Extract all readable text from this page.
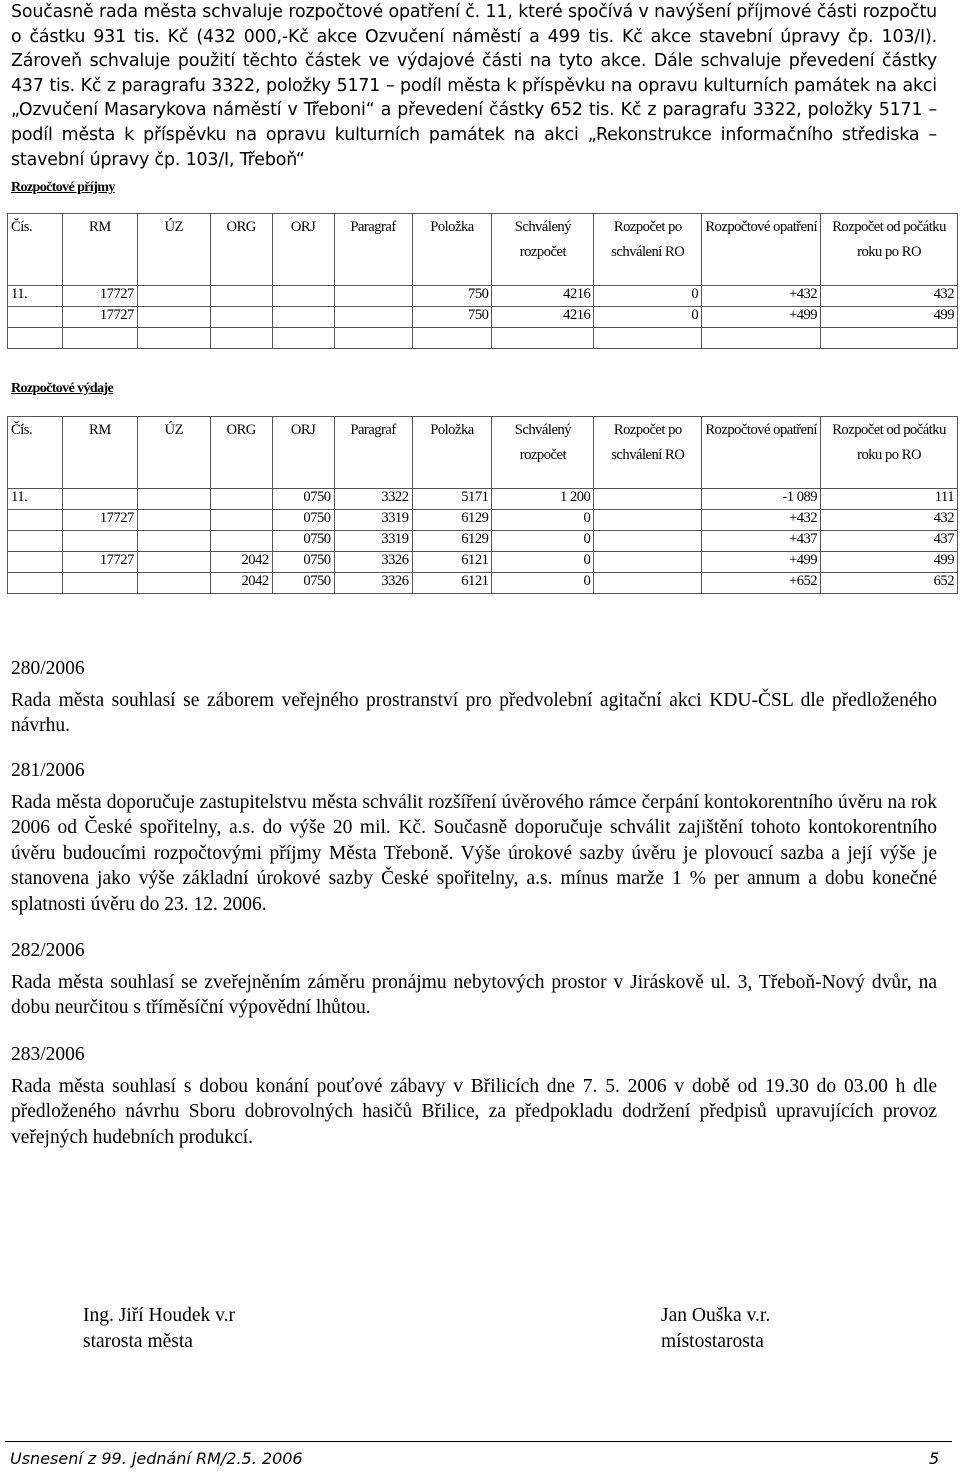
Současně rada města schvaluje rozpočtové opatření č. 11, které spočívá v navýšení příjmové části rozpočtu o částku 931 tis. Kč (432 000,-Kč akce Ozvučení náměstí a 499 tis. Kč akce stavební úpravy čp. 103/I). Zároveň schvaluje použití těchto částek ve výdajové části na tyto akce. Dále schvaluje převedení částky 437 tis. Kč z paragrafu 3322, položky 5171 – podíl města k příspěvku na opravu kulturních památek na akci „Ozvučení Masarykova náměstí v Třeboni“ a převedení částky 652 tis. Kč z paragrafu 3322, položky 5171 – podíl města k příspěvku na opravu kulturních památek na akci „Rekonstrukce informačního střediska – stavební úpravy čp. 103/I, Třeboň“

Rozpočtové příjmy
Čís.	RM	ÚZ	ORG	ORJ	Paragraf	Položka	Schválený rozpočet	Rozpočet po schválení RO	Rozpočtové opatření	Rozpočet od počátku roku po RO
11.	17727					750	4216	0	+432	432
	17727					750	4216	0	+499	499

Rozpočtové výdaje
Čís.	RM	ÚZ	ORG	ORJ	Paragraf	Položka	Schválený rozpočet	Rozpočet po schválení RO	Rozpočtové opatření	Rozpočet od počátku roku po RO
11.				0750	3322	5171	1 200		-1 089	111
	17727			0750	3319	6129	0		+432	432
				0750	3319	6129	0		+437	437
	17727		2042	0750	3326	6121	0		+499	499
			2042	0750	3326	6121	0		+652	652
280/2006

Rada města souhlasí se záborem veřejného prostranství pro předvolební agitační akci KDU-ČSL dle předloženého návrhu.

281/2006

Rada města doporučuje zastupitelstvu města schválit rozšíření úvěrového rámce čerpání kontokorentního úvěru na rok 2006 od České spořitelny, a.s. do výše 20 mil. Kč. Současně doporučuje schválit zajištění tohoto kontokorentního úvěru budoucími rozpočtovými příjmy Města Třeboně. Výše úrokové sazby úvěru je plovoucí sazba a její výše je stanovena jako výše základní úrokové sazby České spořitelny, a.s. mínus marže 1 % per annum a dobu konečné splatnosti úvěru do 23. 12. 2006.

282/2006

Rada města souhlasí se zveřejněním záměru pronájmu nebytových prostor v Jiráskově ul. 3, Třeboň-Nový dvůr, na dobu neurčitou s tříměsíční výpovědní lhůtou.

283/2006

Rada města souhlasí s dobou konání pouťové zábavy v Břilicích dne 7. 5. 2006 v době od 19.30 do 03.00 h dle předloženého návrhu Sboru dobrovolných hasičů Břilice, za předpokladu dodržení předpisů upravujících provoz veřejných hudebních produkcí.

Ing. Jiří Houdek v.r
starosta města
Jan Ouška v.r.
místostarosta
Usnesení z 99. jednání RM/2.5. 2006	5
